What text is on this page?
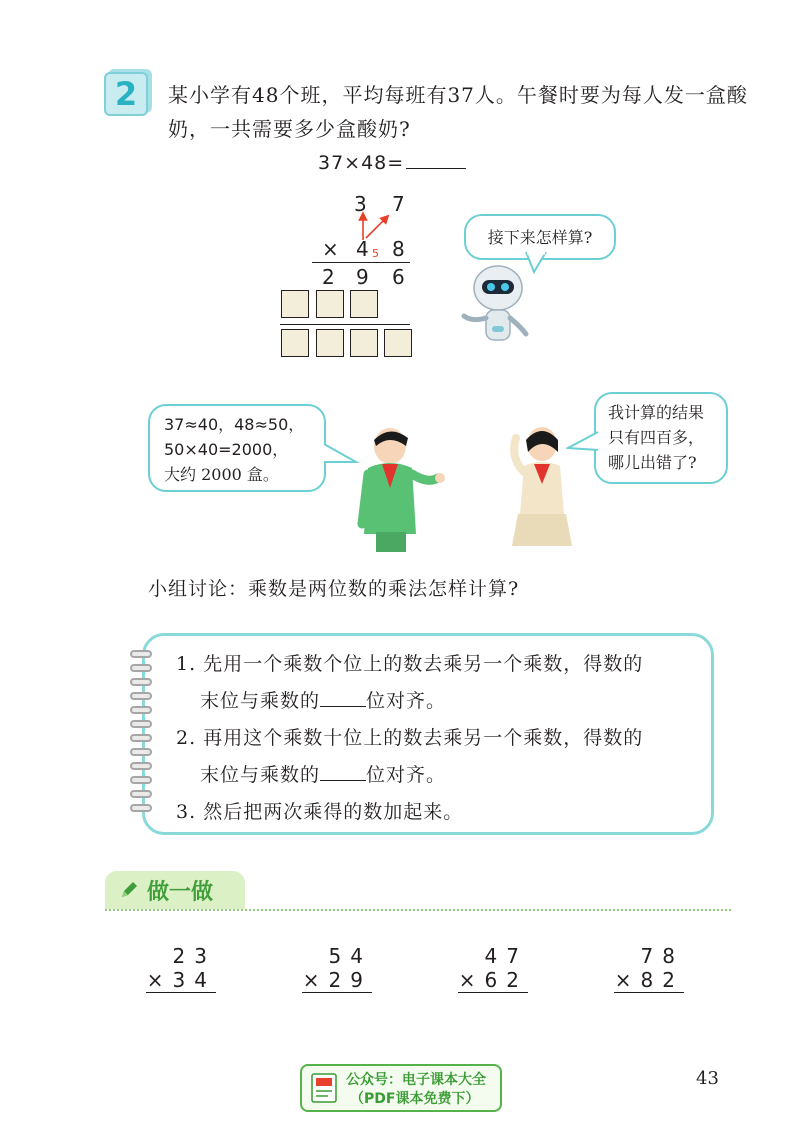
2	某小学有48个班，平均每班有37人。午餐时要为每人发一盒酸奶，一共需要多少盒酸奶?
37×48=
3 7
× 4 5 8
2 9 6
接下来怎样算?
37≈40，48≈50，
50×40=2000，
大约 2000 盒。
我计算的结果
只有四百多，
哪儿出错了?
小组讨论：乘数是两位数的乘法怎样计算?
1. 先用一个乘数个位上的数去乘另一个乘数，得数的
末位与乘数的 位对齐。
2. 再用这个乘数十位上的数去乘另一个乘数，得数的
末位与乘数的 位对齐。
3. 然后把两次乘得的数加起来。
做一做
23
×34
54
×29
47
×62
78
×82
公众号：电子课本大全
（PDF课本免费下）
43
